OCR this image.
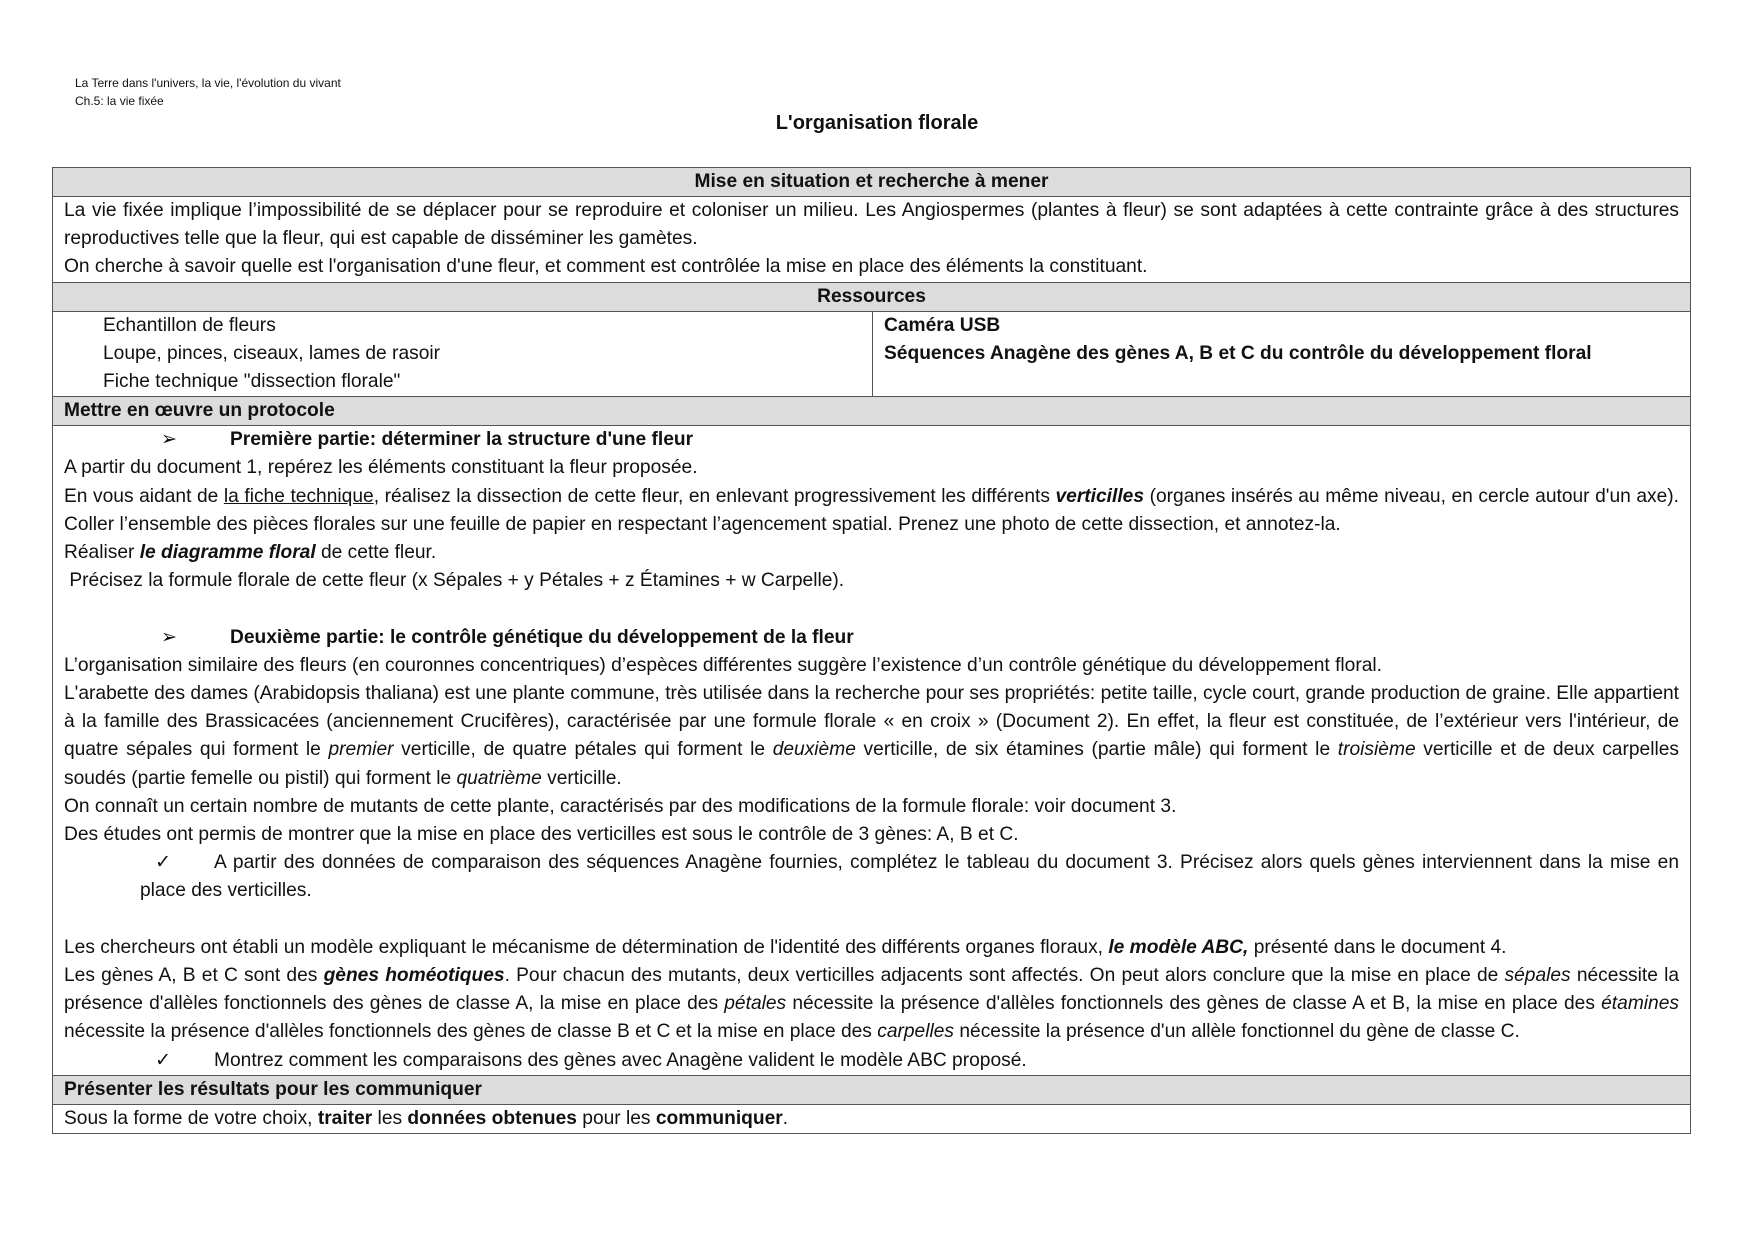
La Terre dans l'univers, la vie, l'évolution du vivant
Ch.5: la vie fixée
L'organisation florale
Mise en situation et recherche à mener
La vie fixée implique l’impossibilité de se déplacer pour se reproduire et coloniser un milieu. Les Angiospermes (plantes à fleur) se sont adaptées à cette contrainte grâce à des structures reproductives telle que la fleur, qui est capable de disséminer les gamètes.
On cherche à savoir quelle est l'organisation d'une fleur, et comment est contrôlée la mise en place des éléments la constituant.
Ressources
Echantillon de fleurs
Loupe, pinces, ciseaux, lames de rasoir
Fiche technique "dissection florale"
Caméra USB
Séquences Anagène des gènes A, B et C du contrôle du développement floral
Mettre en œuvre un protocole
➢	Première partie: déterminer la structure d'une fleur
A partir du document 1, repérez les éléments constituant la fleur proposée.
En vous aidant de la fiche technique, réalisez la dissection de cette fleur, en enlevant progressivement les différents verticilles (organes insérés au même niveau, en cercle autour d'un axe). Coller l’ensemble des pièces florales sur une feuille de papier en respectant l’agencement spatial. Prenez une photo de cette dissection, et annotez-la.
Réaliser le diagramme floral de cette fleur.
Précisez la formule florale de cette fleur (x Sépales + y Pétales + z Étamines + w Carpelle).
➢	Deuxième partie: le contrôle génétique du développement de la fleur
L’organisation similaire des fleurs (en couronnes concentriques) d’espèces différentes suggère l’existence d’un contrôle génétique du développement floral.
L'arabette des dames (Arabidopsis thaliana) est une plante commune, très utilisée dans la recherche pour ses propriétés: petite taille, cycle court, grande production de graine. Elle appartient à la famille des Brassicacées (anciennement Crucifères), caractérisée par une formule florale « en croix » (Document 2). En effet, la fleur est constituée, de l’extérieur vers l'intérieur, de quatre sépales qui forment le premier verticille, de quatre pétales qui forment le deuxième verticille, de six étamines (partie mâle) qui forment le troisième verticille et de deux carpelles soudés (partie femelle ou pistil) qui forment le quatrième verticille.
On connaît un certain nombre de mutants de cette plante, caractérisés par des modifications de la formule florale: voir document 3.
Des études ont permis de montrer que la mise en place des verticilles est sous le contrôle de 3 gènes: A, B et C.
✓ A partir des données de comparaison des séquences Anagène fournies, complétez le tableau du document 3. Précisez alors quels gènes interviennent dans la mise en place des verticilles.
Les chercheurs ont établi un modèle expliquant le mécanisme de détermination de l'identité des différents organes floraux, le modèle ABC, présenté dans le document 4.
Les gènes A, B et C sont des gènes homéotiques. Pour chacun des mutants, deux verticilles adjacents sont affectés. On peut alors conclure que la mise en place de sépales nécessite la présence d'allèles fonctionnels des gènes de classe A, la mise en place des pétales nécessite la présence d'allèles fonctionnels des gènes de classe A et B, la mise en place des étamines nécessite la présence d'allèles fonctionnels des gènes de classe B et C et la mise en place des carpelles nécessite la présence d'un allèle fonctionnel du gène de classe C.
✓ Montrez comment les comparaisons des gènes avec Anagène valident le modèle ABC proposé.
Présenter les résultats pour les communiquer
Sous la forme de votre choix, traiter les données obtenues pour les communiquer.
